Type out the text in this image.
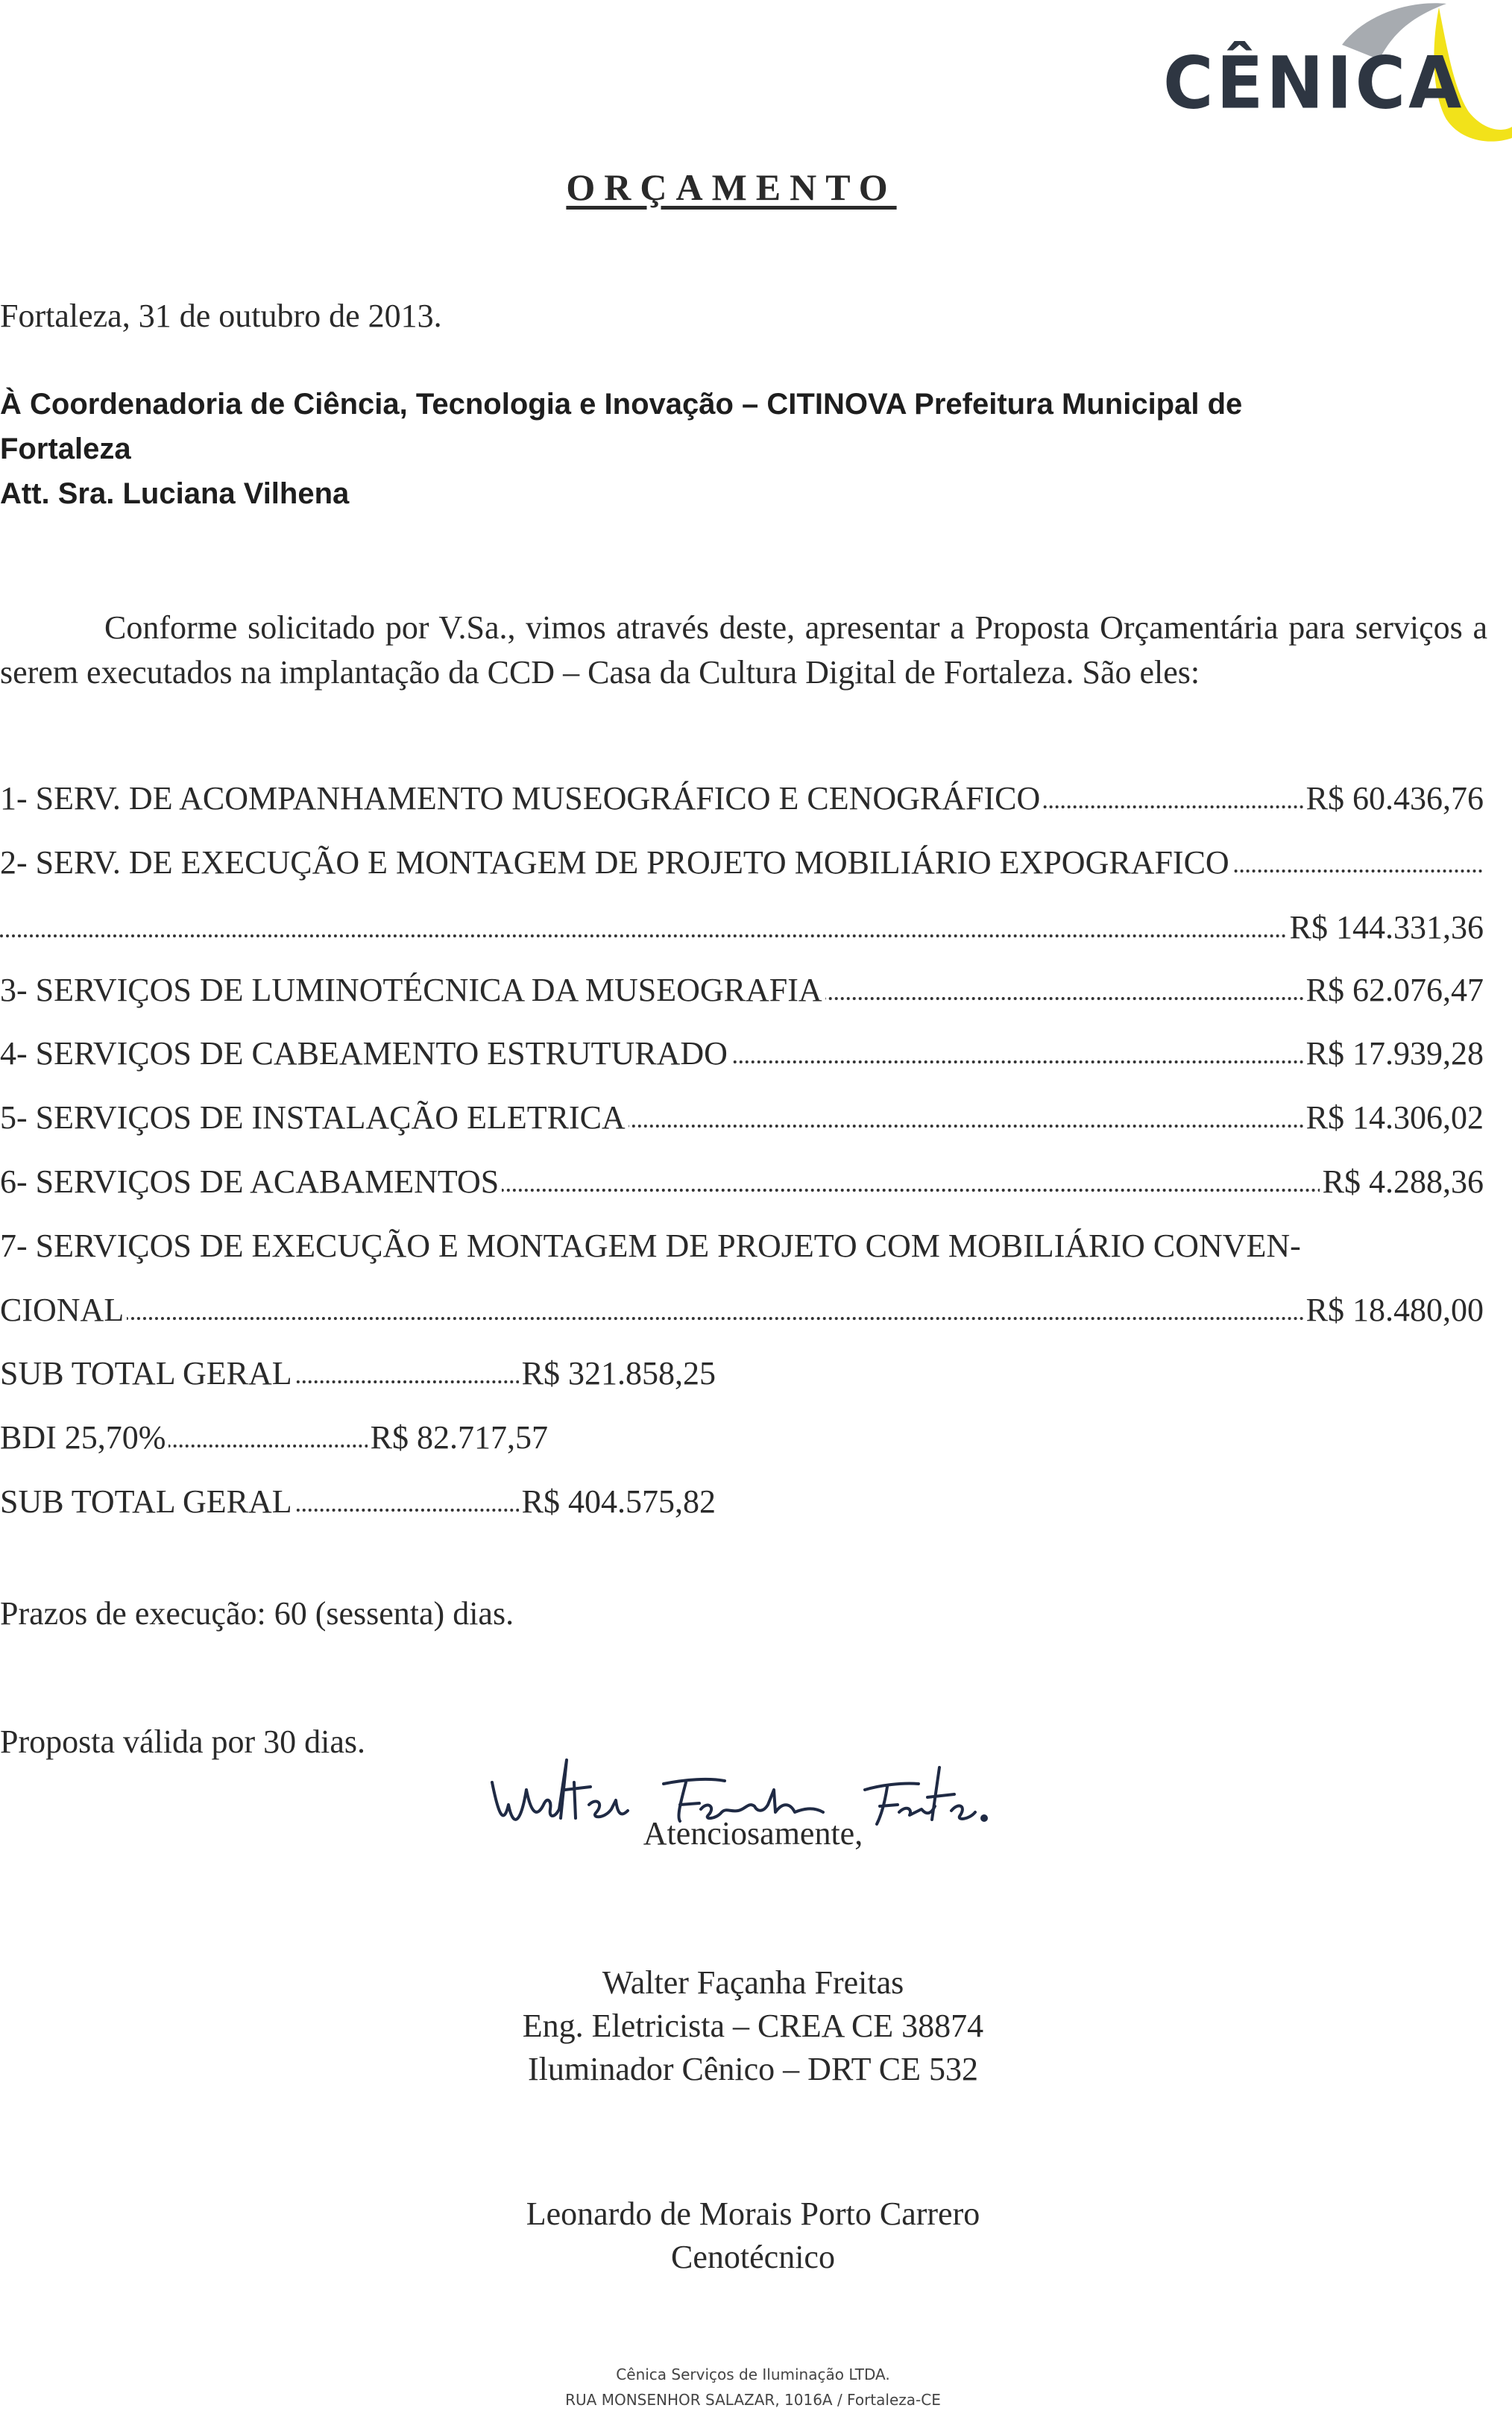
CÊNICA
ORÇAMENTO
Fortaleza, 31 de outubro de 2013.
À Coordenadoria de Ciência, Tecnologia e Inovação – CITINOVA Prefeitura Municipal de
Fortaleza
Att. Sra. Luciana Vilhena
Conforme solicitado por V.Sa., vimos através deste, apresentar a Proposta Orçamentária para serviços a serem executados na implantação da CCD – Casa da Cultura Digital de Fortaleza. São eles:
1- SERV. DE ACOMPANHAMENTO MUSEOGRÁFICO E CENOGRÁFICO	R$ 60.436,76
2- SERV. DE EXECUÇÃO E MONTAGEM DE PROJETO MOBILIÁRIO EXPOGRAFICO
R$ 144.331,36
3- SERVIÇOS DE LUMINOTÉCNICA DA MUSEOGRAFIA	R$ 62.076,47
4- SERVIÇOS DE CABEAMENTO ESTRUTURADO	R$ 17.939,28
5- SERVIÇOS DE INSTALAÇÃO ELETRICA	R$ 14.306,02
6- SERVIÇOS DE ACABAMENTOS	R$ 4.288,36
7- SERVIÇOS DE EXECUÇÃO E MONTAGEM DE PROJETO COM MOBILIÁRIO CONVEN-
CIONAL	R$ 18.480,00
SUB TOTAL GERAL	R$ 321.858,25
BDI 25,70%	R$ 82.717,57
SUB TOTAL GERAL	R$ 404.575,82
Prazos de execução: 60 (sessenta) dias.
Proposta válida por 30 dias.
Atenciosamente,
Walter Façanha Freitas
Eng. Eletricista – CREA CE 38874
Iluminador Cênico – DRT CE 532
Leonardo de Morais Porto Carrero
Cenotécnico
Cênica Serviços de Iluminação LTDA.
RUA MONSENHOR SALAZAR, 1016A / Fortaleza-CE
